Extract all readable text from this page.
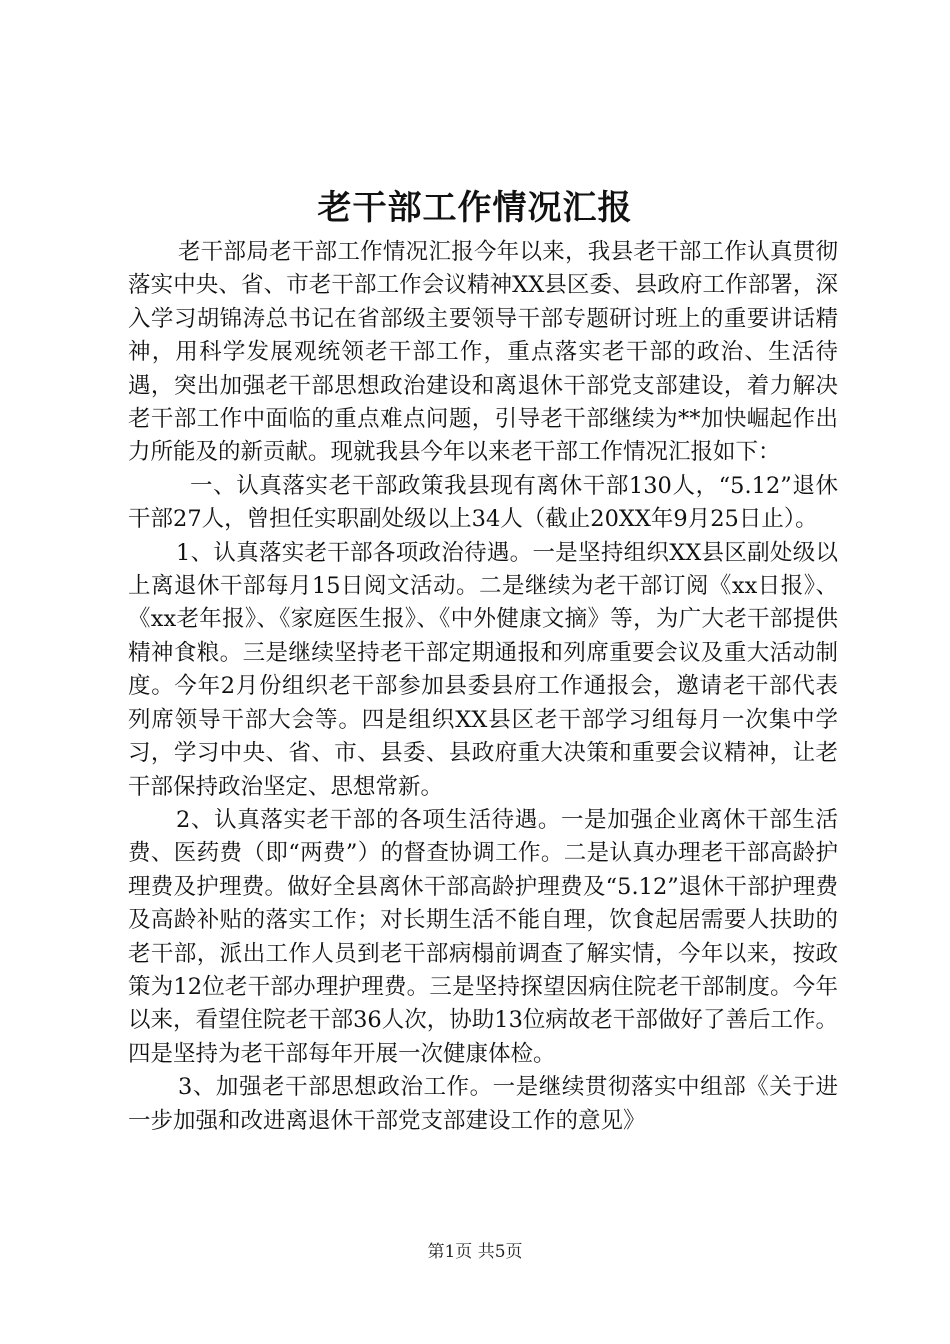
老干部工作情况汇报

老干部局老干部工作情况汇报今年以来，我县老干部工作认真贯彻落实中央、省、市老干部工作会议精神XX县区委、县政府工作部署，深入学习胡锦涛总书记在省部级主要领导干部专题研讨班上的重要讲话精神，用科学发展观统领老干部工作，重点落实老干部的政治、生活待遇，突出加强老干部思想政治建设和离退休干部党支部建设，着力解决老干部工作中面临的重点难点问题，引导老干部继续为**加快崛起作出力所能及的新贡献。现就我县今年以来老干部工作情况汇报如下：

一、认真落实老干部政策我县现有离休干部130人，“5.12”退休干部27人，曾担任实职副处级以上34人（截止20XX年9月25日止）。

1、认真落实老干部各项政治待遇。一是坚持组织XX县区副处级以上离退休干部每月15日阅文活动。二是继续为老干部订阅《xx日报》、《xx老年报》、《家庭医生报》、《中外健康文摘》等，为广大老干部提供精神食粮。三是继续坚持老干部定期通报和列席重要会议及重大活动制度。今年2月份组织老干部参加县委县府工作通报会，邀请老干部代表列席领导干部大会等。四是组织XX县区老干部学习组每月一次集中学习，学习中央、省、市、县委、县政府重大决策和重要会议精神，让老干部保持政治坚定、思想常新。

2、认真落实老干部的各项生活待遇。一是加强企业离休干部生活费、医药费（即“两费”）的督查协调工作。二是认真办理老干部高龄护理费及护理费。做好全县离休干部高龄护理费及“5.12”退休干部护理费及高龄补贴的落实工作；对长期生活不能自理，饮食起居需要人扶助的老干部，派出工作人员到老干部病榻前调查了解实情，今年以来，按政策为12位老干部办理护理费。三是坚持探望因病住院老干部制度。今年以来，看望住院老干部36人次，协助13位病故老干部做好了善后工作。四是坚持为老干部每年开展一次健康体检。

3、加强老干部思想政治工作。一是继续贯彻落实中组部《关于进一步加强和改进离退休干部党支部建设工作的意见》

第1页 共5页
